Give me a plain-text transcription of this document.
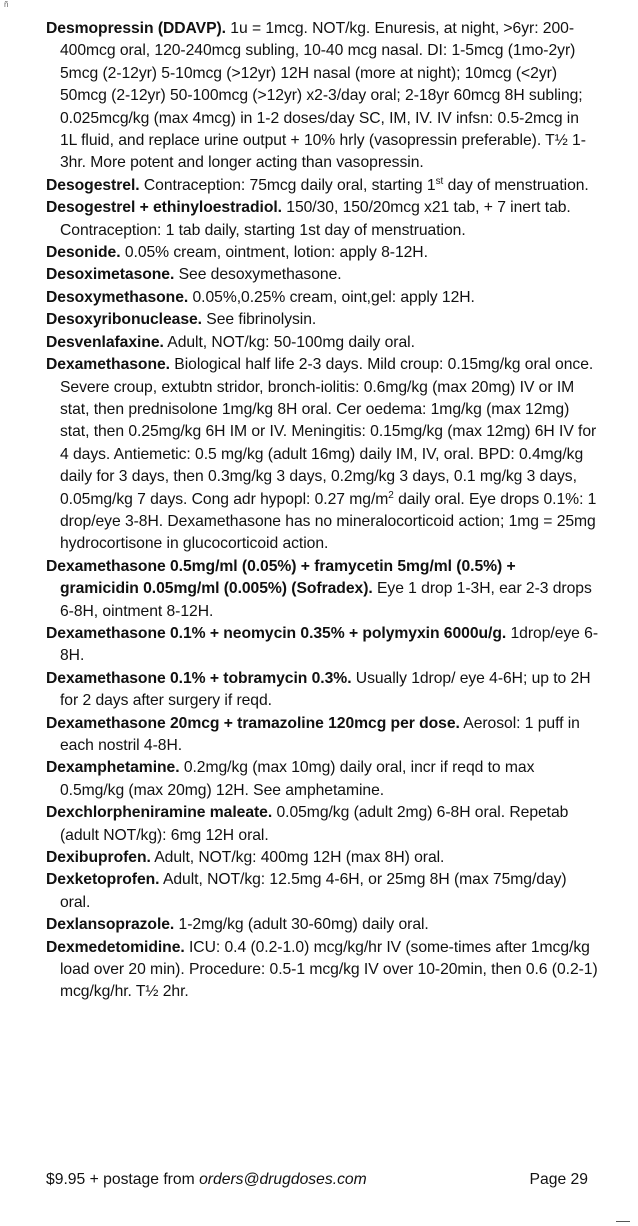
ñ
Desmopressin (DDAVP). 1u = 1mcg. NOT/kg. Enuresis, at night, >6yr: 200-400mcg oral, 120-240mcg subling, 10-40 mcg nasal. DI: 1-5mcg (1mo-2yr) 5mcg (2-12yr) 5-10mcg (>12yr) 12H nasal (more at night); 10mcg (<2yr) 50mcg (2-12yr) 50-100mcg (>12yr) x2-3/day oral; 2-18yr 60mcg 8H subling; 0.025mcg/kg (max 4mcg) in 1-2 doses/day SC, IM, IV. IV infsn: 0.5-2mcg in 1L fluid, and replace urine output + 10% hrly (vasopressin preferable). T½ 1-3hr. More potent and longer acting than vasopressin.
Desogestrel. Contraception: 75mcg daily oral, starting 1st day of menstruation.
Desogestrel + ethinyloestradiol. 150/30, 150/20mcg x21 tab, + 7 inert tab. Contraception: 1 tab daily, starting 1st day of menstruation.
Desonide. 0.05% cream, ointment, lotion: apply 8-12H.
Desoximetasone. See desoxymethasone.
Desoxymethasone. 0.05%,0.25% cream, oint,gel: apply 12H.
Desoxyribonuclease. See fibrinolysin.
Desvenlafaxine. Adult, NOT/kg: 50-100mg daily oral.
Dexamethasone. Biological half life 2-3 days. Mild croup: 0.15mg/kg oral once. Severe croup, extubtn stridor, bronch-iolitis: 0.6mg/kg (max 20mg) IV or IM stat, then prednisolone 1mg/kg 8H oral. Cer oedema: 1mg/kg (max 12mg) stat, then 0.25mg/kg 6H IM or IV. Meningitis: 0.15mg/kg (max 12mg) 6H IV for 4 days. Antiemetic: 0.5 mg/kg (adult 16mg) daily IM, IV, oral. BPD: 0.4mg/kg daily for 3 days, then 0.3mg/kg 3 days, 0.2mg/kg 3 days, 0.1 mg/kg 3 days, 0.05mg/kg 7 days. Cong adr hypopl: 0.27 $mg/m^2$ daily oral. Eye drops 0.1%: 1 drop/eye 3-8H. Dexamethasone has no mineralocorticoid action; 1mg = 25mg hydrocortisone in glucocorticoid action.
Dexamethasone 0.5mg/ml (0.05%) + framycetin 5mg/ml (0.5%) + gramicidin 0.05mg/ml (0.005%) (Sofradex). Eye 1 drop 1-3H, ear 2-3 drops 6-8H, ointment 8-12H.
Dexamethasone 0.1% + neomycin 0.35% + polymyxin 6000u/g. 1drop/eye 6-8H.
Dexamethasone 0.1% + tobramycin 0.3%. Usually 1drop/ eye 4-6H; up to 2H for 2 days after surgery if reqd.
Dexamethasone 20mcg + tramazoline 120mcg per dose. Aerosol: 1 puff in each nostril 4-8H.
Dexamphetamine. 0.2mg/kg (max 10mg) daily oral, incr if reqd to max 0.5mg/kg (max 20mg) 12H. See amphetamine.
Dexchlorpheniramine maleate. 0.05mg/kg (adult 2mg) 6-8H oral. Repetab (adult NOT/kg): 6mg 12H oral.
Dexibuprofen. Adult, NOT/kg: 400mg 12H (max 8H) oral.
Dexketoprofen. Adult, NOT/kg: 12.5mg 4-6H, or 25mg 8H (max 75mg/day) oral.
Dexlansoprazole. 1-2mg/kg (adult 30-60mg) daily oral.
Dexmedetomidine. ICU: 0.4 (0.2-1.0) mcg/kg/hr IV (some-times after 1mcg/kg load over 20 min). Procedure: 0.5-1 mcg/kg IV over 10-20min, then 0.6 (0.2-1) mcg/kg/hr. T½ 2hr.
$9.95 + postage from orders@drugdoses.com	Page 29
